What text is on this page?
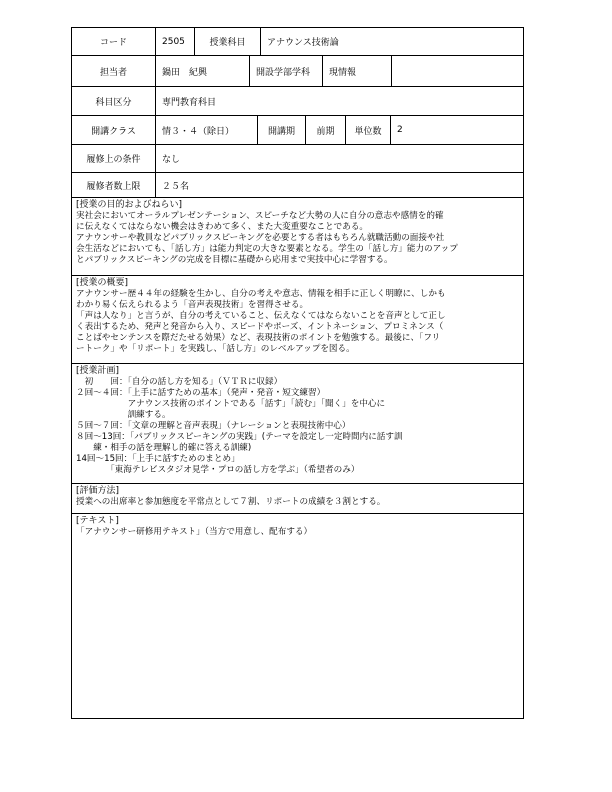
コード	2505	授業科目	アナウンス技術論
担当者	鍋田　紀興	開設学部学科	現情報
科目区分	専門教育科目
開講クラス	情３・４（除日）	開講期	前期	単位数	2
履修上の条件	なし
履修者数上限	２５名
[授業の目的およびねらい]
実社会においてオーラルプレゼンテーション、スピーチなど大勢の人に自分の意志や感情を的確
に伝えなくてはならない機会はきわめて多く、また大変重要なことである。
アナウンサーや教員などパブリックスピーキングを必要とする者はもちろん就職活動の面接や社
会生活などにおいても、「話し方」は能力判定の大きな要素となる。学生の「話し方」能力のアップ
とパブリックスピーキングの完成を目標に基礎から応用まで実技中心に学習する。
[授業の概要]
アナウンサー歴４４年の経験を生かし、自分の考えや意志、情報を相手に正しく明瞭に、しかも
わかり易く伝えられるよう「音声表現技術」を習得させる。
「声は人なり」と言うが、自分の考えていること、伝えなくてはならないことを音声として正し
く表出するため、発声と発音から入り、スピードやポーズ、イントネーション、プロミネンス（
ことばやセンテンスを際だたせる効果）など、表現技術のポイントを勉強する。最後に、「フリ
ートーク」や「リポート」を実践し、「話し方」のレベルアップを図る。
[授業計画]
　初　　回：「自分の話し方を知る」（ＶＴＲに収録）
２回〜４回：「上手に話すための基本」（発声・発音・短文練習）
　　　　　　アナウンス技術のポイントである「話す」「読む」「聞く」を中心に
　　　　　　訓練する。
５回〜７回：「文章の理解と音声表現」（ナレーションと表現技術中心）
８回〜13回：「パブリックスピーキングの実践」(テーマを設定し一定時間内に話す訓
　　練・相手の話を理解し的確に答える訓練)
14回〜15回：「上手に話すためのまとめ」
　　　　「東海テレビスタジオ見学・プロの話し方を学ぶ」（希望者のみ）
[評価方法]
授業への出席率と参加態度を平常点として７割、リポートの成績を３割とする。
[テキスト]
「アナウンサー研修用テキスト」（当方で用意し、配布する）
